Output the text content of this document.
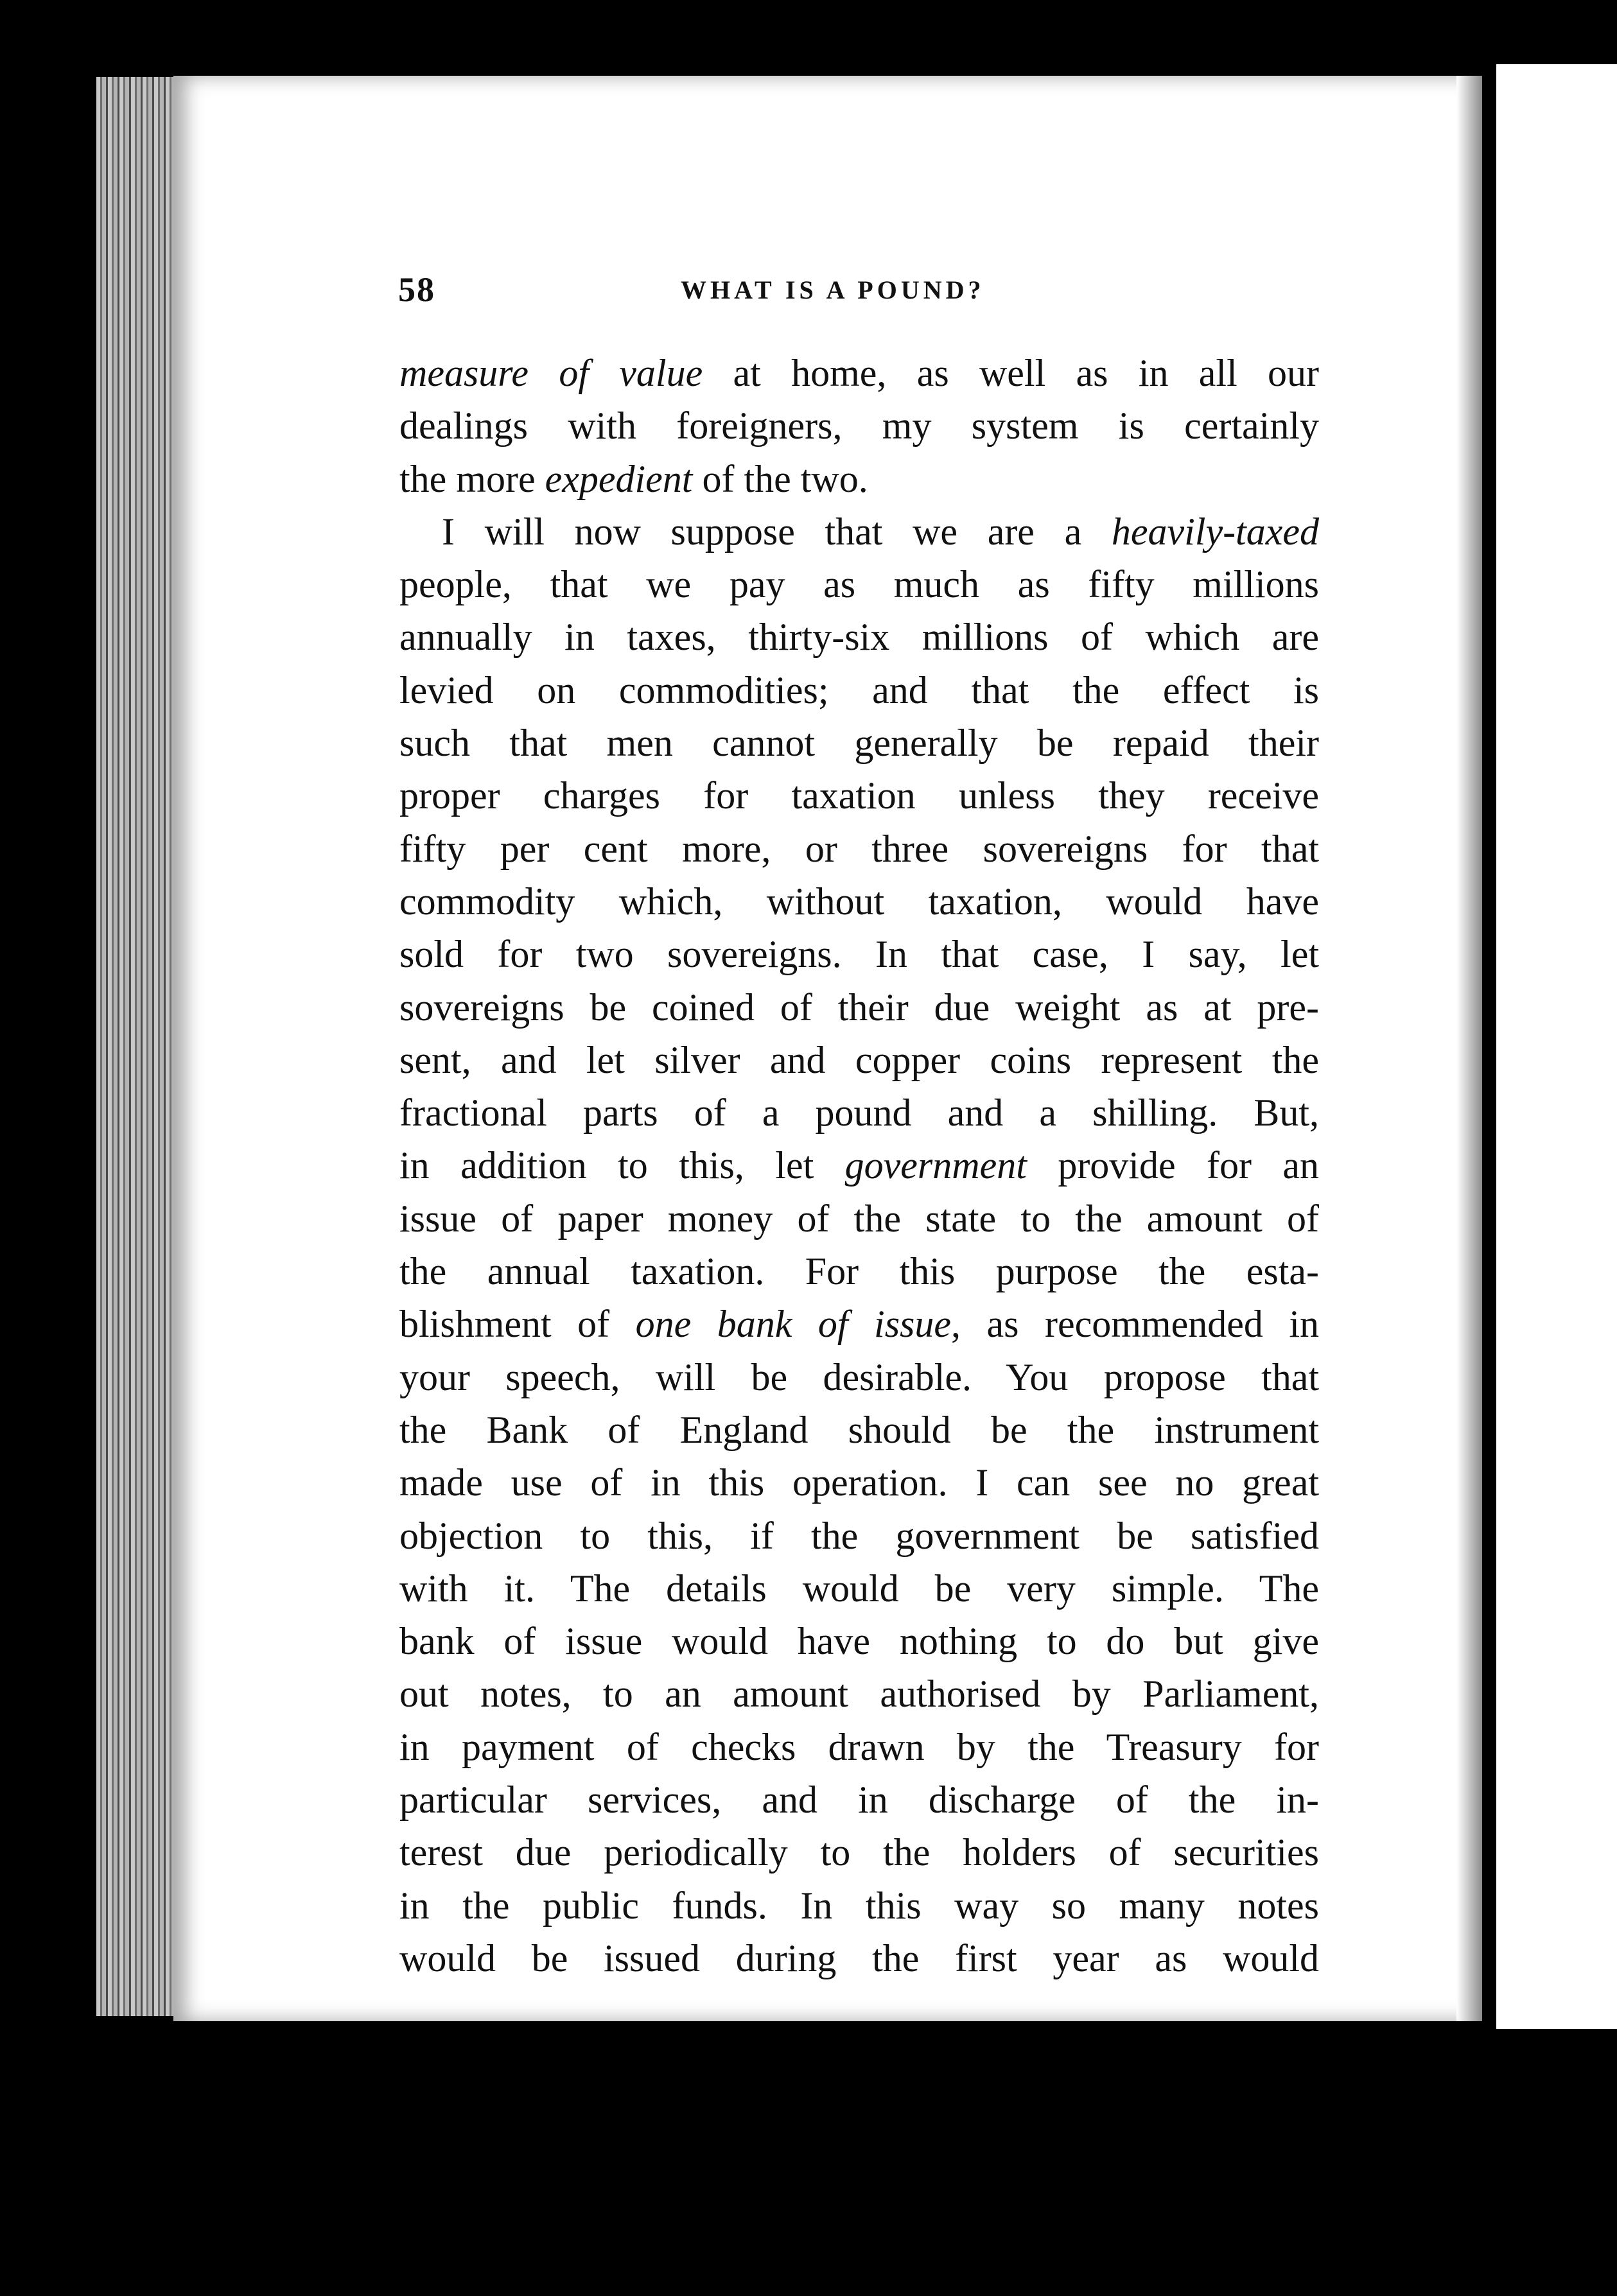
58	WHAT IS A POUND?
measure of value at home, as well as in all our
dealings with foreigners, my system is certainly
the more expedient of the two.
I will now suppose that we are a heavily-taxed
people, that we pay as much as fifty millions
annually in taxes, thirty-six millions of which are
levied on commodities; and that the effect is
such that men cannot generally be repaid their
proper charges for taxation unless they receive
fifty per cent more, or three sovereigns for that
commodity which, without taxation, would have
sold for two sovereigns. In that case, I say, let
sovereigns be coined of their due weight as at pre-
sent, and let silver and copper coins represent the
fractional parts of a pound and a shilling. But,
in addition to this, let government provide for an
issue of paper money of the state to the amount of
the annual taxation. For this purpose the esta-
blishment of one bank of issue, as recommended in
your speech, will be desirable. You propose that
the Bank of England should be the instrument
made use of in this operation. I can see no great
objection to this, if the government be satisfied
with it. The details would be very simple. The
bank of issue would have nothing to do but give
out notes, to an amount authorised by Parliament,
in payment of checks drawn by the Treasury for
particular services, and in discharge of the in-
terest due periodically to the holders of securities
in the public funds. In this way so many notes
would be issued during the first year as would
